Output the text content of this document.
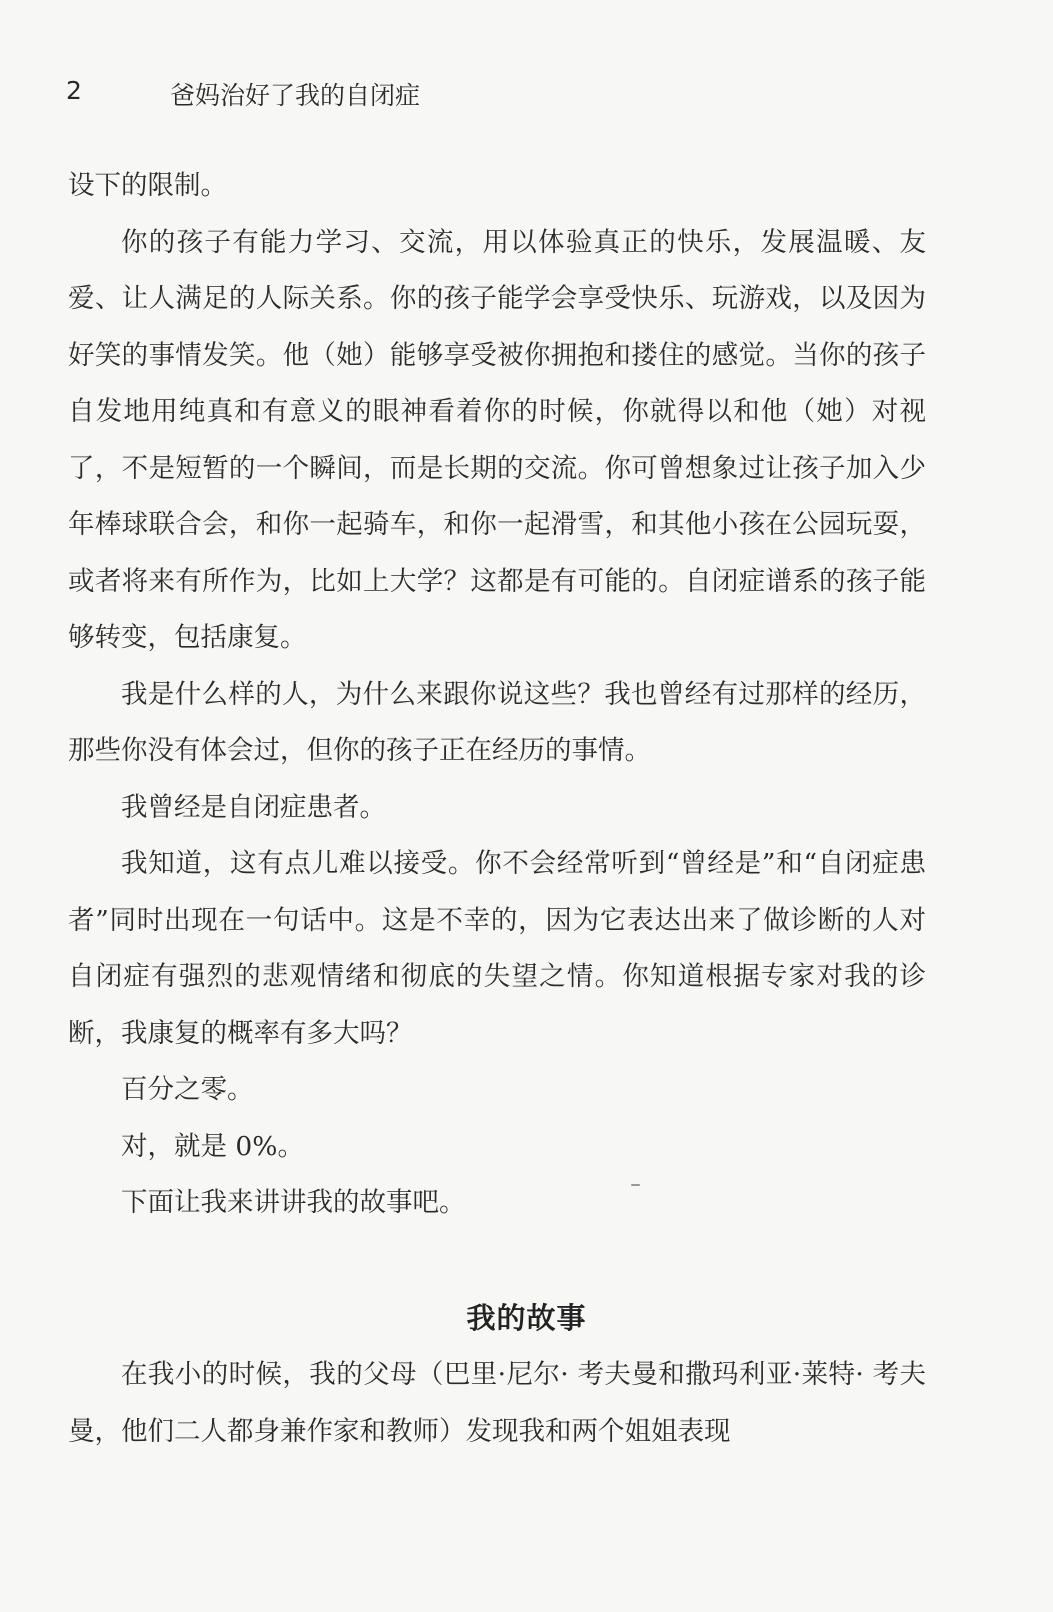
2	爸妈治好了我的自闭症

设下的限制。

你的孩子有能力学习、交流，用以体验真正的快乐，发展温暖、友爱、让人满足的人际关系。你的孩子能学会享受快乐、玩游戏，以及因为好笑的事情发笑。他（她）能够享受被你拥抱和搂住的感觉。当你的孩子自发地用纯真和有意义的眼神看着你的时候，你就得以和他（她）对视了，不是短暂的一个瞬间，而是长期的交流。你可曾想象过让孩子加入少年棒球联合会，和你一起骑车，和你一起滑雪，和其他小孩在公园玩耍，或者将来有所作为，比如上大学？这都是有可能的。自闭症谱系的孩子能够转变，包括康复。

我是什么样的人，为什么来跟你说这些？我也曾经有过那样的经历，那些你没有体会过，但你的孩子正在经历的事情。

我曾经是自闭症患者。

我知道，这有点儿难以接受。你不会经常听到“曾经是”和“自闭症患者”同时出现在一句话中。这是不幸的，因为它表达出来了做诊断的人对自闭症有强烈的悲观情绪和彻底的失望之情。你知道根据专家对我的诊断，我康复的概率有多大吗？

百分之零。

对，就是 0%。

下面让我来讲讲我的故事吧。

我的故事

在我小的时候，我的父母（巴里·尼尔· 考夫曼和撒玛利亚·莱特· 考夫曼，他们二人都身兼作家和教师）发现我和两个姐姐表现
